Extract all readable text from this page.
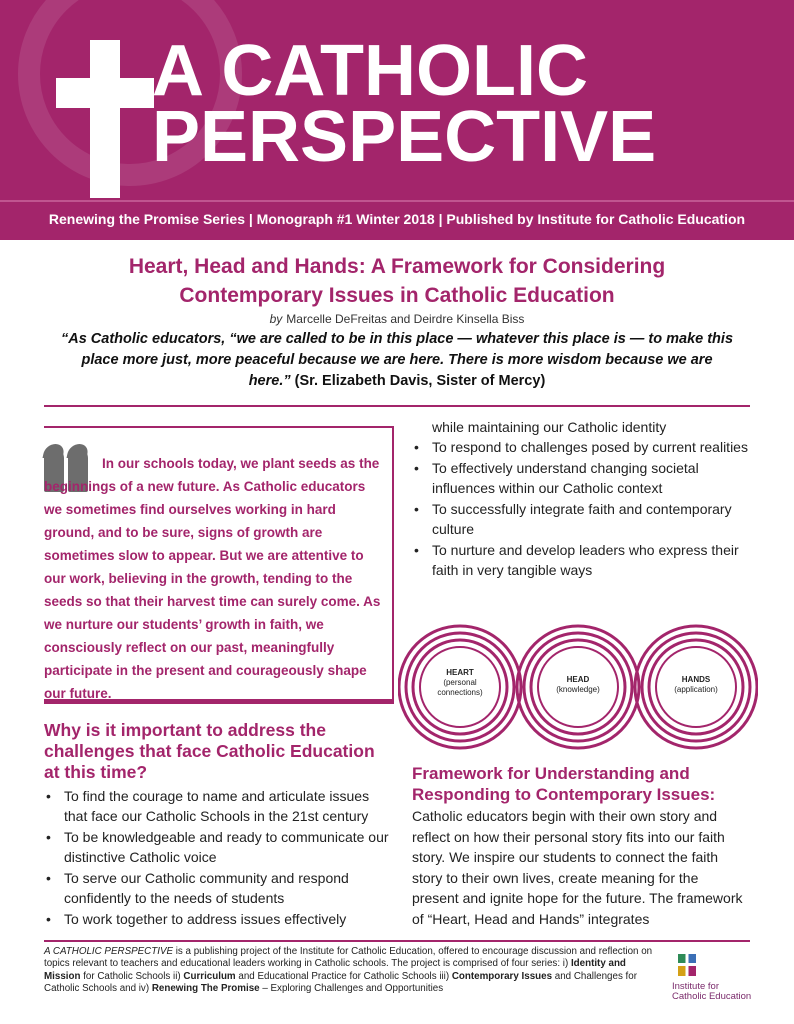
A CATHOLIC
PERSPECTIVE
Renewing the Promise Series | Monograph #1 Winter 2018 | Published by Institute for Catholic Education
Heart, Head and Hands: A Framework for Considering
Contemporary Issues in Catholic Education
by Marcelle DeFreitas and Deirdre Kinsella Biss
“As Catholic educators, “we are called to be in this place — whatever this place is — to make this place more just, more peaceful because we are here. There is more wisdom because we are here.” (Sr. Elizabeth Davis, Sister of Mercy)
In our schools today, we plant seeds as the beginnings of a new future. As Catholic educators we sometimes find ourselves working in hard ground, and to be sure, signs of growth are sometimes slow to appear. But we are attentive to our work, believing in the growth, tending to the seeds so that their harvest time can surely come. As we nurture our students’ growth in faith, we consciously reflect on our past, meaningfully participate in the present and courageously shape our future.
Why is it important to address the challenges that face Catholic Education at this time?
• To find the courage to name and articulate issues that face our Catholic Schools in the 21st century
• To be knowledgeable and ready to communicate our distinctive Catholic voice
• To serve our Catholic community and respond confidently to the needs of students
• To work together to address issues effectively
while maintaining our Catholic identity
• To respond to challenges posed by current realities
• To effectively understand changing societal influences within our Catholic context
• To successfully integrate faith and contemporary culture
• To nurture and develop leaders who express their faith in very tangible ways
HEART
(personal connections)
HEAD
(knowledge)
HANDS
(application)
Framework for Understanding and Responding to Contemporary Issues:
Catholic educators begin with their own story and reflect on how their personal story fits into our faith story. We inspire our students to connect the faith story to their own lives, create meaning for the present and ignite hope for the future. The framework of “Heart, Head and Hands” integrates
A CATHOLIC PERSPECTIVE is a publishing project of the Institute for Catholic Education, offered to encourage discussion and reflection on topics relevant to teachers and educational leaders working in Catholic schools. The project is comprised of four series: i) Identity and Mission for Catholic Schools ii) Curriculum and Educational Practice for Catholic Schools iii) Contemporary Issues and Challenges for Catholic Schools and iv) Renewing The Promise – Exploring Challenges and Opportunities	Institute for
Catholic Education
